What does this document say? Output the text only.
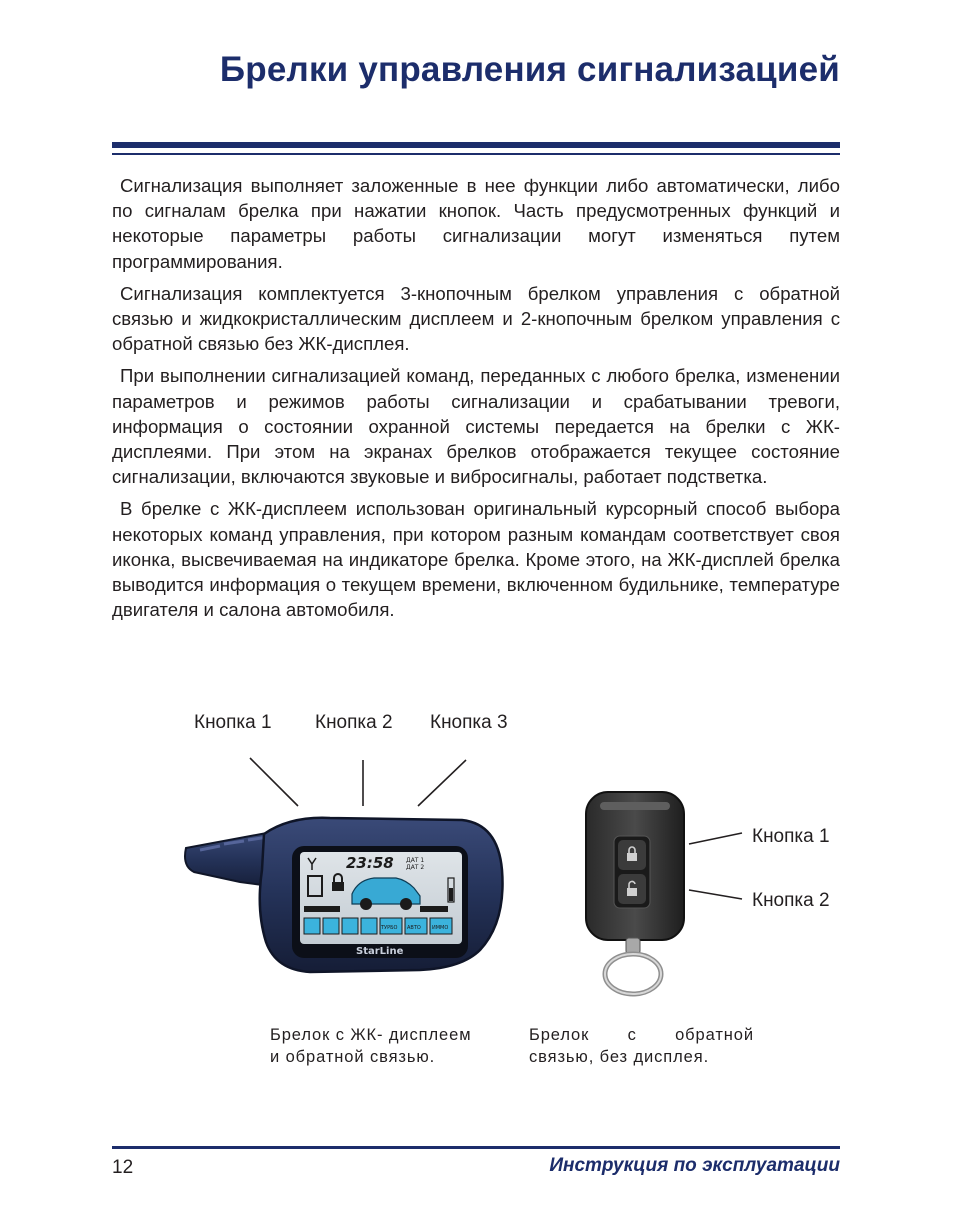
Брелки управления сигнализацией

Сигнализация выполняет заложенные в нее функции либо автоматически, либо по сигналам брелка при нажатии кнопок. Часть предусмотренных функций и некоторые параметры работы сигнализации могут изменяться путем программирования.

Сигнализация комплектуется 3-кнопочным брелком управления с обратной связью и жидкокристаллическим дисплеем и 2-кнопочным брелком управления с обратной связью без ЖК-дисплея.

При выполнении сигнализацией команд, переданных с любого брелка, изменении параметров и режимов работы сигнализации и срабатывании тревоги, информация о состоянии охранной системы передается на брелки с ЖК-дисплеями. При этом на экранах брелков отображается текущее состояние сигнализации, включаются звуковые и вибросигналы, работает подстветка.

В брелке с ЖК-дисплеем использован оригинальный курсорный способ выбора некоторых команд управления, при котором разным командам соответствует своя иконка, высвечиваемая на индикаторе брелка. Кроме этого, на ЖК-дисплей брелка выводится информация о текущем времени, включенном будильнике, температуре двигателя и салона автомобиля.

Кнопка 1 Кнопка 2 Кнопка 3
23:58 ДАТ 1
ДАТ 2
ТУРБО АВТО ИММО
StarLine
Кнопка 1
Кнопка 2
Брелок с ЖК- дисплеем
и обратной связью.
Брелок с обратной
связью, без дисплея.
12	Инструкция по эксплуатации
